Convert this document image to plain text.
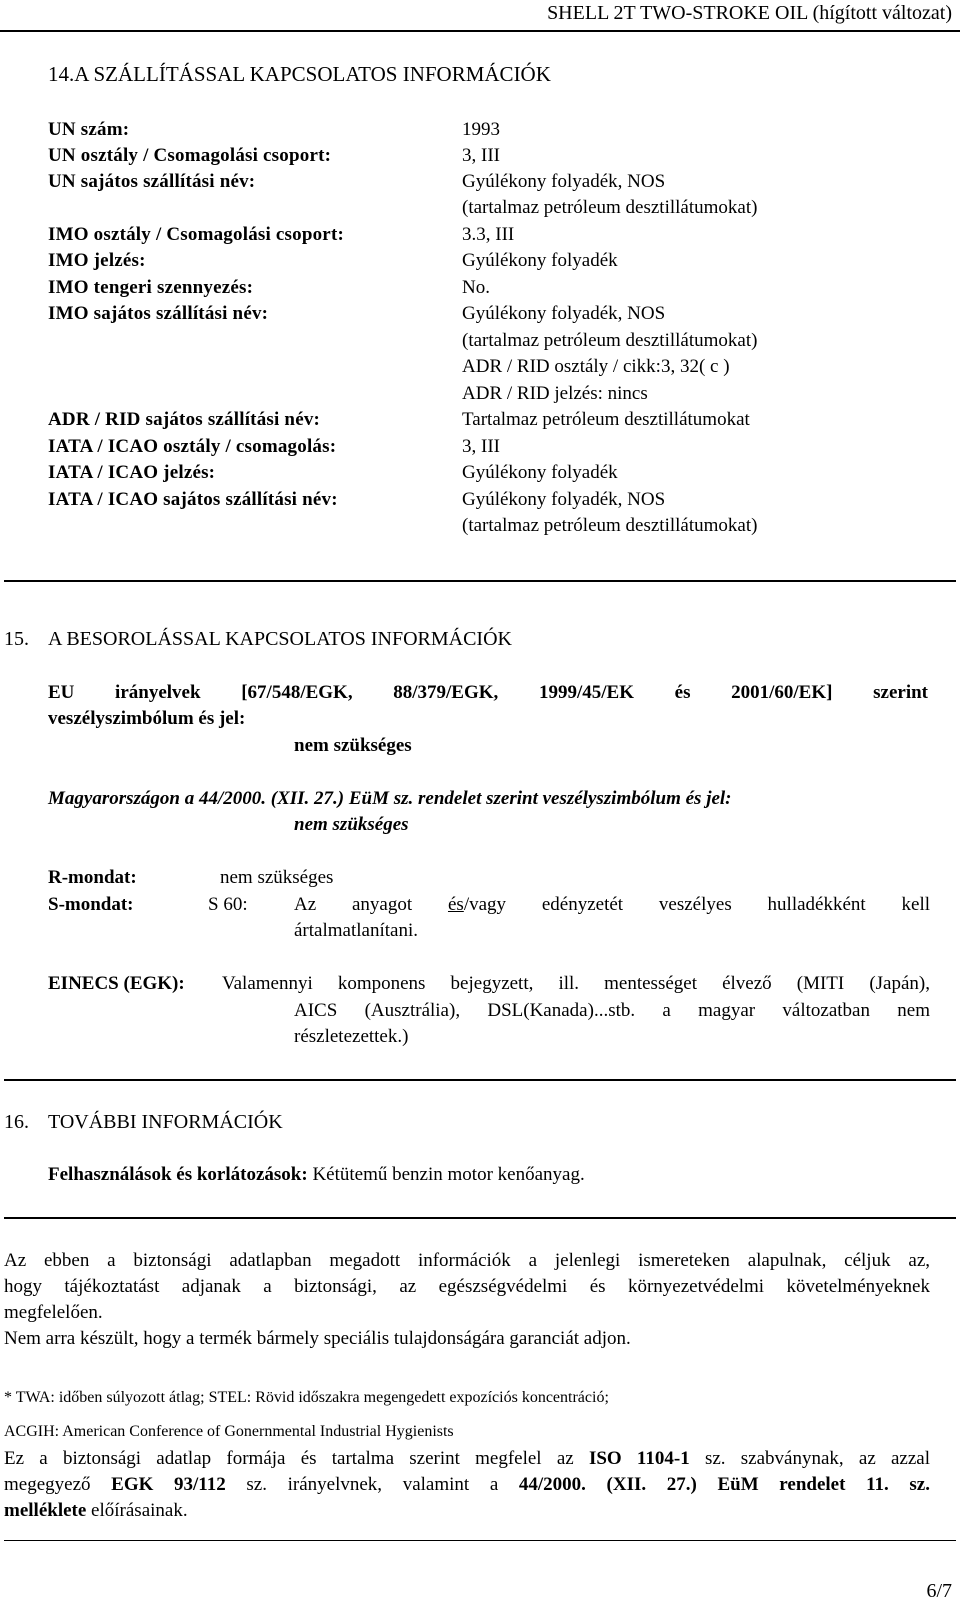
SHELL 2T TWO-STROKE OIL (hígított változat)
14.A SZÁLLÍTÁSSAL KAPCSOLATOS INFORMÁCIÓK
UN szám:	1993
UN osztály / Csomagolási csoport:	3, III
UN sajátos szállítási név:	Gyúlékony folyadék, NOS
(tartalmaz petróleum desztillátumokat)
IMO osztály / Csomagolási csoport:	3.3, III
IMO jelzés:	Gyúlékony folyadék
IMO tengeri szennyezés:	No.
IMO sajátos szállítási név:	Gyúlékony folyadék, NOS
(tartalmaz petróleum desztillátumokat)
ADR / RID osztály / cikk:3, 32( c )
ADR / RID jelzés: nincs
ADR / RID sajátos szállítási név:	Tartalmaz petróleum desztillátumokat
IATA / ICAO osztály / csomagolás:	3, III
IATA / ICAO jelzés:	Gyúlékony folyadék
IATA / ICAO sajátos szállítási név:	Gyúlékony folyadék, NOS
(tartalmaz petróleum desztillátumokat)
15. A BESOROLÁSSAL KAPCSOLATOS INFORMÁCIÓK
EU irányelvek [67/548/EGK, 88/379/EGK, 1999/45/EK és 2001/60/EK] szerint
veszélyszimbólum és jel:
nem szükséges
Magyarországon a 44/2000. (XII. 27.) EüM sz. rendelet szerint veszélyszimbólum és jel:
nem szükséges
R-mondat:	nem szükséges
S-mondat:	S 60: Az anyagot és/vagy edényzetét veszélyes hulladékként kell
ártalmatlanítani.
EINECS (EGK): Valamennyi komponens bejegyzett, ill. mentességet élvező (MITI (Japán),
AICS (Ausztrália), DSL(Kanada)...stb. a magyar változatban nem
részletezettek.)
16. TOVÁBBI INFORMÁCIÓK
Felhasználások és korlátozások: Kétütemű benzin motor kenőanyag.
Az ebben a biztonsági adatlapban megadott információk a jelenlegi ismereteken alapulnak, céljuk az,
hogy tájékoztatást adjanak a biztonsági, az egészségvédelmi és környezetvédelmi követelményeknek
megfelelően.
Nem arra készült, hogy a termék bármely speciális tulajdonságára garanciát adjon.
* TWA: időben súlyozott átlag; STEL: Rövid időszakra megengedett expozíciós koncentráció;
ACGIH: American Conference of Gonernmental Industrial Hygienists
Ez a biztonsági adatlap formája és tartalma szerint megfelel az ISO 1104-1 sz. szabványnak, az azzal
megegyező EGK 93/112 sz. irányelvnek, valamint a 44/2000. (XII. 27.) EüM rendelet 11. sz.
melléklete előírásainak.
6/7
